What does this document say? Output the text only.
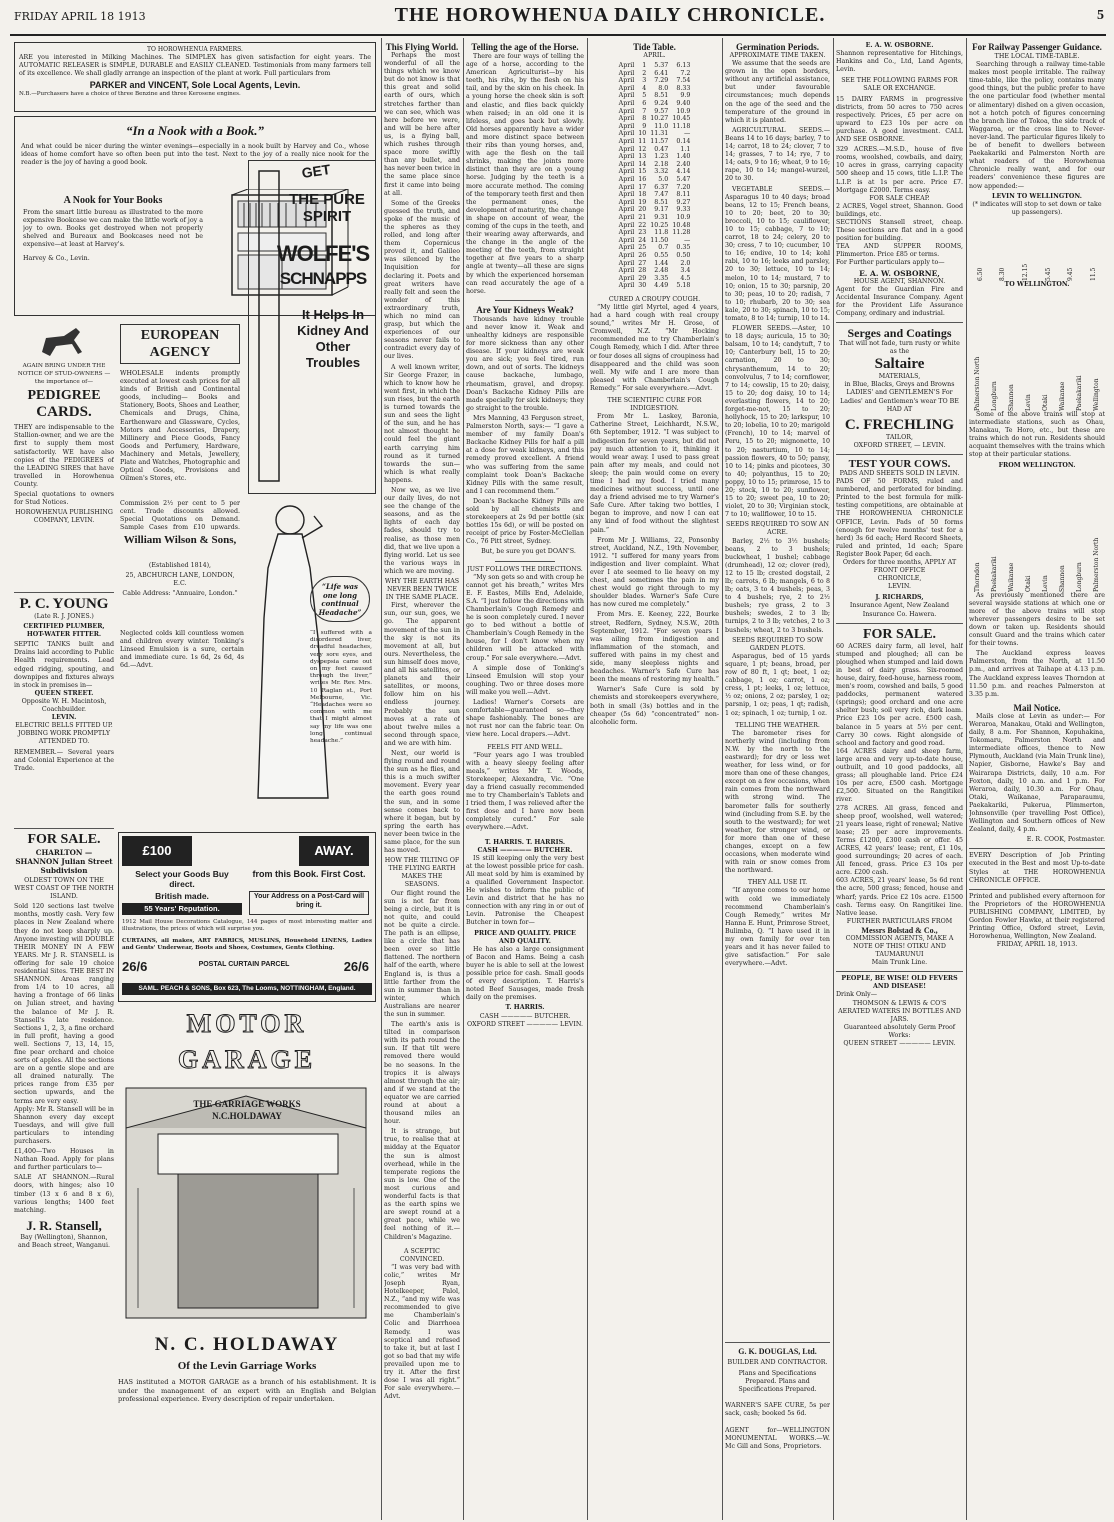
FRIDAY APRIL 18 1913	THE HOROWHENUA DAILY CHRONICLE.	5
TO HOROWHENUA FARMERS.
ARE you interested in Milking Machines. The SIMPLEX has given satisfaction for eight years. The AUTOMATIC RELEASER is SIMPLE, DURABLE and EASILY CLEANED. Testimonials from many farmers tell of its excellence. We shall gladly arrange an inspection of the plant at work. Full particulars from
PARKER and VINCENT, Sole Local Agents, Levin.
N.B.—Purchasers have a choice of three Benzine and three Kerosene engines.
“In a Nook with a Book.”
And what could be nicer during the winter evenings—especially in a nook built by Harvey and Co., whose ideas of home comfort have so often been put into the test. Next to the joy of a really nice nook for the reader is the joy of having a good book.
A Nook for Your Books
From the smart little bureau as illustrated to the more expensive Bookcase we can make the little work of joy a joy to own. Books get destroyed when not properly shelved and Bureaux and Bookcases need not be expensive—at least at Harvey's.
Harvey & Co., Levin.
AGAIN BRING UNDER THE NOTICE OF STUD-OWNERS —the importance of—
PEDIGREE
CARDS.
THEY are indispensable to the Stallion-owner, and we are the first to supply them most satisfactorily. WE have also copies of the PEDIGREES of the LEADING SIRES that have travelled in Horowhenua County.
Special quotations to owners for Stud Notices.
HOROWHENUA PUBLISHING COMPANY, LEVIN.
P. C. YOUNG
(Late R. J. JONES.)
CERTIFIED PLUMBER, HOT-WATER FITTER.
SEPTIC TANKS built and Drains laid according to Public Health requirements. Lead edged ridging, spouting, and downpipes and fixtures always in stock in premises in—
QUEEN STREET.
Opposite W. H. Macintosh, Coachbuilder.
LEVIN.
ELECTRIC BELLS FITTED UP. JOBBING WORK PROMPTLY ATTENDED TO.
REMEMBER.— Several years and Colonial Experience at the Trade.
FOR SALE.
CHARLTON — SHANNON Julian Street Subdivision
OLDEST TOWN ON THE WEST COAST OF THE NORTH ISLAND.
Sold 120 sections last twelve months, mostly cash. Very few places in New Zealand where they do not keep sharply up. Anyone investing will DOUBLE THEIR MONEY IN A FEW YEARS. Mr J. R. STANSELL is offering for sale 19 choice residential Sites. THE BEST IN SHANNON. Areas ranging from 1/4 to 10 acres, all having a frontage of 66 links on Julian street, and having the balance of Mr J. R. Stansell's late residence. Sections 1, 2, 3, a fine orchard in full profit, having a good well. Sections 7, 13, 14, 15, fine pear orchard and choice sorts of apples. All the sections are on a gentle slope and are all drained naturally. The prices range from £35 per section upwards, and the terms are very easy.
Apply: Mr R. Stansell will be in Shannon every day except Tuesdays, and will give full particulars to intending purchasers.
£1,400—Two Houses in Nathan Road. Apply for plans and further particulars to—
SALE AT SHANNON.—Rural doors, with hinges; also 10 timber (13 x 6 and 8 x 6), various lengths; 1400 feet matching.
J. R. Stansell,
Bay (Wellington), Shannon, and Beach street, Wanganui.
GET
THE PURE SPIRIT
WOLFE'S
SCHNAPPS
It Helps In Kidney And Other Troubles
EUROPEAN AGENCY
WHOLESALE indents promptly executed at lowest cash prices for all kinds of British and Continental goods, including— Books and Stationery, Boots, Shoes and Leather, Chemicals and Drugs, China, Earthenware and Glassware, Cycles, Motors and Accessories, Drapery, Millinery and Piece Goods, Fancy Goods and Perfumery, Hardware, Machinery and Metals, Jewellery, Plate and Watches, Photographic and Optical Goods, Provisions and Oilmen's Stores, etc.
Commission 2½ per cent to 5 per cent. Trade discounts allowed. Special Quotations on Demand. Sample Cases from £10 upwards.
William Wilson & Sons,
(Established 1814),
25, ABCHURCH LANE, LONDON, E.C.
Cable Address: "Annuaire, London."
“Life was one long continual Headache”
“I suffered with a disordered liver, dreadful headaches, very sore eyes, and dyspepsia came out on my feet caused through the liver,” writes Mr. Rev. Mrs. 10 Raglan st., Port Melbourne, Vic. “Headaches were so common with me that I might almost say my life was one long continual headache.”
Neglected colds kill countless women and children every winter. Tonking's Linseed Emulsion is a sure, certain and immediate cure. 1s 6d, 2s 6d, 4s 6d.—Advt.
£100	AWAY.
Select your Goods Buy direct.
British made.
55 Years' Reputation.
from this Book. First Cost.
Your Address on a Post-Card will bring it.
1912 Mail House Decorations Catalogue, 144 pages of most interesting matter and illustrations, the prices of which will surprise you.
CURTAINS, all makes, ART FABRICS, MUSLINS, Household LINENS, Ladies and Gents' Underwear, Boots and Shoes, Costumes, Gents Clothing.
26/6	POSTAL CURTAIN PARCEL	26/6
SAML. PEACH & SONS, Box 623, The Looms, NOTTINGHAM, England.
MOTOR GARAGE
THE GARRIAGE WORKS N.C.HOLDAWAY
N. C. HOLDAWAY
Of the Levin Garriage Works
HAS instituted a MOTOR GARAGE as a branch of his establishment. It is under the management of an expert with an English and Belgian professional experience. Every description of repair undertaken.
This Flying World.

Perhaps the most wonderful of all the things which we know but do not know is that this great and solid earth of ours, which stretches farther than we can see, which was here before we were, and will be here after us, is a flying ball, which rushes through space more swiftly than any bullet, and has never been twice in the same place since first it came into being at all.

Some of the Greeks guessed the truth, and spoke of the music of the spheres as they rolled, and long after them Copernicus proved it, and Galileo was silenced by the Inquisition for declaring it. Poets and great writers have really felt and seen the wonder of this extraordinary truth, which no mind can grasp, but which the experiences of our seasons never fails to contradict every day of our lives.

A well known writer, Sir George Frazer, in which to know how he went first, in which the sun rises, but the earth is turned towards the sun and sees the light of the sun, and he has not almost thought he could feel the giant earth carrying him round as it turned towards the sun—which is what really happens.

Now we, as we live our daily lives, do not see the change of the seasons, and as the lights of each day fades, should try to realise, as those men did, that we live upon a flying world. Let us see the various ways in which we are moving.

WHY THE EARTH HAS NEVER BEEN TWICE IN THE SAME PLACE.

First, wherever the sun, our sun, goes, we go. The apparent movement of the sun in the sky is not its movement at all, but ours. Nevertheless, the sun himself does move, and all his satellites, or planets and their satellites, or moons, follow him on his endless journey. Probably the sun moves at a rate of about twelve miles a second through space, and we are with him.

Next, our world is flying round and round the sun as he flies, and this is a much swifter movement. Every year the earth goes round the sun, and in some sense comes back to where it began, but by spring the earth has never been twice in the same place, for the sun has moved.

HOW THE TILTING OF THE FLYING EARTH MAKES THE SEASONS.

Our flight round the sun is not far from being a circle, but it is not quite, and could not be quite a circle. The path is an ellipse, like a circle that has been over so little flattened. The northern half of the earth, where England is, is thus a little farther from the sun in summer than in winter, which Australians are nearer the sun in summer.

The earth's axis is tilted in comparison with its path round the sun. If that tilt were removed there would be no seasons. In the tropics it is always almost through the air; and if we stand at the equator we are carried round at about a thousand miles an hour.

It is strange, but true, to realise that at midday at the Equator the sun is almost overhead, while in the temperate regions the sun is low. One of the most curious and wonderful facts is that as the earth spins we are swept round at a great pace, while we feel nothing of it.—Children's Magazine.

A SCEPTIC CONVINCED.

“I was very bad with colic,” writes Mr Joseph Ryan, Hotelkeeper, Palol, N.Z., “and my wife was recommended to give me Chamberlain's Colic and Diarrhoea Remedy. I was sceptical and refused to take it, but at last I got so bad that my wife prevailed upon me to try it. After the first dose I was all right.” For sale everywhere.—Advt.

Telling the age of the Horse.

There are four ways of telling the age of a horse, according to the American Agriculturist—by his teeth, his ribs, by the flesh on his tail, and by the skin on his cheek. In a young horse the cheek skin is soft and elastic, and flies back quickly when raised; in an old one it is lifeless, and goes back but slowly. Old horses apparently have a wider and more distinct space between their ribs than young horses, and, with age the flesh on the tail shrinks, making the joints more distinct than they are on a young horse. Judging by the teeth is a more accurate method. The coming of the temporary teeth first and then the permanent ones, the development of maturity, the change in shape on account of wear, the coming of the cups in the teeth, and their wearing away afterwards, and the change in the angle of the meeting of the teeth, from straight together at five years to a sharp angle at twenty—all these are signs by which the experienced horseman can read accurately the age of a horse.

Are Your Kidneys Weak?

Thousands have kidney trouble and never know it. Weak and unhealthy kidneys are responsible for more sickness than any other disease. If your kidneys are weak you are sick; you feel tired, run down, and out of sorts. The kidneys cause backache, lumbago, rheumatism, gravel, and dropsy. Doan's Backache Kidney Pills are made specially for sick kidneys; they go straight to the trouble.

Mrs Manning, 43 Ferguson street, Palmerston North, says:— “I gave a member of my family Doan's Backache Kidney Pills for half a pill at a dose for weak kidneys, and this remedy proved excellent. A friend who was suffering from the same complaint took Doan's Backache Kidney Pills with the same result, and I can recommend them.”

Doan's Backache Kidney Pills are sold by all chemists and storekeepers at 2s 9d per bottle (six bottles 15s 6d), or will be posted on receipt of price by Foster-McClellan Co., 76 Pitt street, Sydney.

But, be sure you get DOAN'S.

JUST FOLLOWS THE DIRECTIONS.

“My son gets so and with croup he cannot get his breath,” writes Mrs E. F. Eastes, Mills End, Adelaide, S.A. “I just follow the directions with Chamberlain's Cough Remedy and he is soon completely cured. I never go to bed without a bottle of Chamberlain's Cough Remedy in the house, for I don't know when my children will be attacked with croup.” For sale everywhere.—Advt.

A simple dose of Tonking's Linseed Emulsion will stop your coughing. Two or three doses more will make you well.—Advt.

Ladies! Warner's Corsets are comfortable—guaranteed so—they shape fashionably. The bones are not rust nor can the fabric tear. On view here. Local drapers.—Advt.

FEELS FIT AND WELL.

“Four years ago I was troubled with a heavy sleepy feeling after meals,” writes Mr T. Woods, Storekeeper, Alexandra, Vic. “One day a friend casually recommended me to try Chamberlain's Tablets and I tried them, I was relieved after the first dose and I have now been completely cured.” For sale everywhere.—Advt.

T. HARRIS. T. HARRIS.
CASH ————— BUTCHER.

IS still keeping only the very best at the lowest possible price for cash. All meat sold by him is examined by a qualified Government Inspector. He wishes to inform the public of Levin and district that he has no connection with any ring in or out of Levin. Patronise the Cheapest Butcher in town for—

PRICE AND QUALITY. PRICE AND QUALITY.

He has also a large consignment of Bacon and Hams. Being a cash buyer he is able to sell at the lowest possible price for cash. Small goods of every description. T. Harris's noted Beef Sausages, made fresh daily on the premises.

T. HARRIS.
CASH ————— BUTCHER. OXFORD STREET ————— LEVIN.
Tide Table.
APRIL.
April	1	5.37	6.13
April	2	6.41	7.2
April	3	7.29	7.54
April	4	8.0	8.33
April	5	8.51	9.9
April	6	9.24	9.40
April	7	9.57	10.9
April	8	10.27	10.45
April	9	11.0	11.18
April	10	11.31	—
April	11	11.57	0.14
April	12	0.47	1.1
April	13	1.23	1.40
April	14	2.18	2.40
April	15	3.32	4.14
April	16	5.0	5.47
April	17	6.37	7.20
April	18	7.47	8.11
April	19	8.51	9.27
April	20	9.17	9.33
April	21	9.31	10.9
April	22	10.25	10.48
April	23	11.8	11.28
April	24	11.50	—
April	25	0.7	0.35
April	26	0.55	0.50
April	27	1.44	2.0
April	28	2.48	3.4
April	29	3.35	4.5
April	30	4.49	5.18
CURED A CROUPY COUGH.

“My little girl Myrtel, aged 4 years, had a hard cough with real croupy sound,” writes Mr H. Grose, of Cromwell, N.Z. “Mr Hocking recommended me to try Chamberlain's Cough Remedy, which I did. After three or four doses all signs of croupiness had disappeared and the child was soon well. My wife and I are more than pleased with Chamberlain's Cough Remedy.” For sale everywhere.—Advt.

THE SCIENTIFIC CURE FOR INDIGESTION.

From Mr L. Laskey, Baronia, Catherine Street, Leichhardt, N.S.W., 6th September, 1912. “I was subject to indigestion for seven years, but did not pay much attention to it, thinking it would wear away. I used to pass great pain after my meals, and could not sleep; the pain would come on every time I had my food. I tried many medicines without success, until one day a friend advised me to try Warner's Safe Cure. After taking two bottles, I began to improve, and now I can eat any kind of food without the slightest pain.”

From Mr J. Williams, 22, Ponsonby street, Auckland, N.Z., 19th November, 1912. “I suffered for many years from indigestion and liver complaint. What ever I ate seemed to lie heavy on my chest, and sometimes the pain in my chest would go right through to my shoulder blades. Warner's Safe Cure has now cured me completely.”

From Mrs. E. Keeney, 222, Bourke street, Redfern, Sydney, N.S.W., 20th September, 1912. “For seven years I was ailing from indigestion and inflammation of the stomach, and suffered with pains in my chest and side, many sleepless nights and headaches. Warner's Safe Cure has been the means of restoring my health.”

Warner's Safe Cure is sold by chemists and storekeepers everywhere, both in small (3s) bottles and in the cheaper (5s 6d) “concentrated” non-alcoholic form.

Germination Periods.
APPROXIMATE TIME TAKEN.

We assume that the seeds are grown in the open borders, without any artificial assistance, but under favourable circumstances; much depends on the age of the seed and the temperature of the ground in which it is planted.

AGRICULTURAL SEEDS.—Beans 14 to 16 days; barley, 7 to 14; carrot, 18 to 24; clover, 7 to 14; grasses, 7 to 14; rye, 7 to 14; oats, 9 to 16; wheat, 9 to 16; rape, 10 to 14; mangel-wurzel, 20 to 30.

VEGETABLE SEEDS.—Asparagus 10 to 40 days; broad beans, 12 to 15; French beans, 10 to 20; beet, 20 to 30; broccoli, 10 to 15; cauliflower, 10 to 15; cabbage, 7 to 10; carrot, 18 to 24; celery, 20 to 30; cress, 7 to 10; cucumber, 10 to 16; endive, 10 to 14; kohl rabi, 10 to 16; leeks and parsley, 20 to 30; lettuce, 10 to 14; melon, 10 to 14; mustard, 7 to 10; onion, 15 to 30; parsnip, 20 to 30; peas, 10 to 20; radish, 7 to 10; rhubarb, 20 to 30; sea kale, 20 to 30; spinach, 10 to 15; tomato, 8 to 14; turnip, 10 to 14.

FLOWER SEEDS.—Aster, 10 to 18 days; auricula, 15 to 30; balsam, 10 to 14; candytuft, 7 to 10; Canterbury bell, 15 to 20; carnation, 20 to 30; chrysanthemum, 14 to 20; convolvulus, 7 to 14; cornflower, 7 to 14; cowslip, 15 to 20; daisy, 15 to 20; dog daisy, 10 to 14; everlasting flowers, 14 to 20; forget-me-not, 15 to 20; hollyhock, 15 to 20; larkspur, 10 to 20; lobelia, 10 to 20; marigold (French), 10 to 14; marvel of Peru, 15 to 20; mignonette, 10 to 20; nasturtium, 10 to 14; passion flowers, 40 to 50; pansy, 10 to 14; pinks and picotees, 30 to 40; polyanthus, 15 to 20; poppy, 10 to 15; primrose, 15 to 20; stock, 10 to 20; sunflower, 15 to 20; sweet pea, 10 to 20; violet, 20 to 30; Virginian stock, 7 to 10; wallflower, 10 to 15.

SEEDS REQUIRED TO SOW AN ACRE.

Barley, 2½ to 3½ bushels; beans, 2 to 3 bushels; buckwheat, 1 bushel; cabbage (drumhead), 12 oz; clover (red), 12 to 15 lb; crested dogstail, 2 lb; carrots, 6 lb; mangels, 6 to 8 lb; oats, 3 to 4 bushels; peas, 3 to 4 bushels; rye, 2 to 2½ bushels; rye grass, 2 to 3 bushels; swedes, 2 to 3 lb; turnips, 2 to 3 lb; vetches, 2 to 3 bushels; wheat, 2 to 3 bushels.

SEEDS REQUIRED TO SOW GARDEN PLOTS.

Asparagus, bed of 15 yards square, 1 pt; beans, broad, per row of 80 ft, 1 qt; beet, 1 oz; cabbage, 1 oz; carrot, 1 oz; cress, 1 pt; leeks, 1 oz; lettuce, ½ oz; onions, 2 oz; parsley, 1 oz; parsnip, 1 oz; peas, 1 qt; radish, 1 oz; spinach, 1 oz; turnip, 1 oz.

TELLING THE WEATHER.

The barometer rises for northerly wind (including from N.W. by the north to the eastward); for dry or less wet weather, for less wind, or for more than one of these changes, except on a few occasions, when rain comes from the northward with strong wind. The barometer falls for southerly wind (including from S.E. by the south to the westward); for wet weather, for stronger wind, or for more than one of these changes, except on a few occasions, when moderate wind with rain or snow comes from the northward.

THEY ALL USE IT.

“If anyone comes to our home with cold we immediately recommend Chamberlain's Cough Remedy,” writes Mr Hanna E. Hunt, Primrose Street, Bulimba, Q. “I have used it in my own family for over ten years and it has never failed to give satisfaction.” For sale everywhere.—Advt.

G. K. DOUGLAS, Ltd.
BUILDER AND CONTRACTOR.
Plans and Specifications Prepared. Plans and Specifications Prepared.
WARNER'S SAFE CURE, 5s per sack, cash; booked 5s 6d.
AGENT for—WELLINGTON MONUMENTAL WORKS.—W. Mc Gill and Sons, Proprietors.
E. A. W. OSBORNE.
Shannon representative for Hitchings, Hankins and Co., Ltd, Land Agents, Levin.
SEE THE FOLLOWING FARMS FOR SALE OR EXCHANGE.
15 DAIRY FARMS in progressive districts, from 50 acres to 750 acres respectively. Prices, £5 per acre on upward to £23 10s per acre on purchase. A good investment. CALL AND SEE OSBORNE.
329 ACRES.—M.S.D., house of five rooms, woolshed, cowbails, and dairy, 10 acres in grass, carrying capacity 500 sheep and 15 cows, title L.I.P. The L.I.P. is at 1s per acre. Price £7. Mortgage £2000. Terms easy.
FOR SALE CHEAP.
2 ACRES, Vogel street, Shannon. Good buildings, etc.
SECTIONS Stansell street, cheap. These sections are flat and in a good position for building.
TEA AND SUPPER ROOMS, Plimmerton. Price £85 or terms.
For Further particulars apply to—
E. A. W. OSBORNE,
HOUSE AGENT, SHANNON.
Agent for the Guardian Fire and Accidental Insurance Company. Agent for the Provident Life Assurance Company, ordinary and industrial.
Serges and Coatings
That will not fade, turn rusty or white as the
Saltaire
MATERIALS,
in Blue, Blacks, Greys and Browns
LADIES' and GENTLEMEN'S For Ladies' and Gentlemen's wear TO BE HAD AT
C. FRECHLING
TAILOR,
OXFORD STREET, — LEVIN.
TEST YOUR COWS.
PADS AND SHEETS SOLD IN LEVIN.
PADS OF 50 FORMS, ruled and numbered, and perforated for binding. Printed to the best formula for milk-testing competitions, are obtainable at THE HOROWHENUA CHRONICLE OFFICE, Levin. Pads of 50 forms (enough for twelve months' test for a herd) 3s 6d each; Herd Record Sheets, ruled and printed, 1d each; Spare Register Book Paper, 6d each.
Orders for three months, APPLY AT FRONT OFFICE
CHRONICLE,
LEVIN.
J. RICHARDS,
Insurance Agent, New Zealand Insurance Co. Hawera.
FOR SALE.
60 ACRES dairy farm, all level, half stumped and ploughed; all can be ploughed when stumped and laid down in best of dairy grass. Six-roomed house, dairy, feed-house, harness room, men's room, cowshed and bails, 5 good paddocks, permanent watered (springs); good orchard and one acre shelter bush; soil very rich, dark loam. Price £23 10s per acre. £500 cash, balance in 5 years at 5½ per cent. Carry 30 cows. Right alongside of school and factory and good road.
164 ACRES dairy and sheep farm, large area and very up-to-date house, outbuilt, and 10 good paddocks, all grass; all ploughable land. Price £24 10s per acre, £500 cash. Mortgage £2,500. Situated on the Rangitikei river.
278 ACRES. All grass, fenced and sheep proof, woolshed, well watered; 21 years lease, right of renewal; Native lease; 25 per acre improvements. Terms £1200, £300 cash or offer. 45 ACRES, 42 years' lease; rent, £1 10s, good surroundings; 20 acres of each. All fenced, grass. Price £3 10s per acre. £200 cash.
603 ACRES, 21 years' lease, 5s 6d rent the acre, 500 grass; fenced, house and wharf; yards. Price £2 10s acre. £1500 cash. Terms easy. On Rangitikei line. Native lease.
FURTHER PARTICULARS FROM
Messrs Bolstad & Co.,
COMMISSION AGENTS, MAKE A NOTE OF THIS! OTIKU AND TAUMARUNUI
Main Trunk Line.
PEOPLE, BE WISE! OLD FEVERS AND DISEASE!
Drink Only—
THOMSON & LEWIS & CO'S AERATED WATERS IN BOTTLES AND JARS.
Guaranteed absolutely Germ Proof Works:
QUEEN STREET ————— LEVIN.
For Railway Passenger Guidance.
THE LOCAL TIME-TABLE.

Searching through a railway time-table makes most people irritable. The railway time-table, like the policy, contains many good things, but the public prefer to have the one particular food (whether mental or alimentary) dished on a given occasion, not a hotch potch of figures concerning the branch line of Tokoa, the side track of Waggaroa, or the cross line to Never-never-land. The particular figures likely to be of benefit to dwellers between Paekakariki and Palmerston North are what readers of the Horowhenua Chronicle really want, and for our readers' convenience these figures are now appended:—

LEVIN TO WELLINGTON.
(* indicates will stop to set down or take up passengers).
6.50	8.30	12.15	5.45	9.45	11.5
TO WELLINGTON.
Palmerston North Longburn Shannon Levin Otaki Waikanae Paekakariki Wellington

Some of the above trains will stop at intermediate stations, such as Ohau, Manakau, Te Horo, etc., but these are trains which do not run. Residents should acquaint themselves with the trains which stop at their particular stations.

FROM WELLINGTON.
Thorndon Paekakariki Waikanae Otaki Levin Shannon Longburn Palmerston North

As previously mentioned there are several wayside stations at which one or more of the above trains will stop wherever passengers desire to be set down or taken up. Residents should consult Guard and the trains which cater for their towns.

The Auckland express leaves Palmerston, from the North, at 11.50 p.m., and arrives at Taihape at 4.13 p.m. The Auckland express leaves Thorndon at 11.50 p.m. and reaches Palmerston at 3.35 p.m.

Mail Notice.

Mails close at Levin as under:— For Weraroa, Manakau, Otaki and Wellington, daily, 8 a.m. For Shannon, Kopuhakina, Tokomaru, Palmerston North and intermediate offices, thence to New Plymouth, Auckland (via Main Trunk line), Napier, Gisborne, Hawke's Bay and Wairarapa Districts, daily, 10 a.m. For Foxton, daily, 10 a.m. and 1 p.m. For Weraroa, daily, 10.30 a.m. For Ohau, Otaki, Waikanae, Paraparaumu, Paekakariki, Pukerua, Plimmerton, Johnsonville (per travelling Post Office), Wellington and Southern offices of New Zealand, daily, 4 p.m.

E. R. COOK, Postmaster.
EVERY Description of Job Printing executed in the Best and most Up-to-date Styles at THE HOROWHENUA CHRONICLE OFFICE.
Printed and published every afternoon for the Proprietors of the HOROWHENUA PUBLISHING COMPANY, LIMITED, by Gordon Fowler Hawke, at their registered Printing Office, Oxford street, Levin, Horowhenua, Wellington, New Zealand.
FRIDAY, APRIL 18, 1913.
